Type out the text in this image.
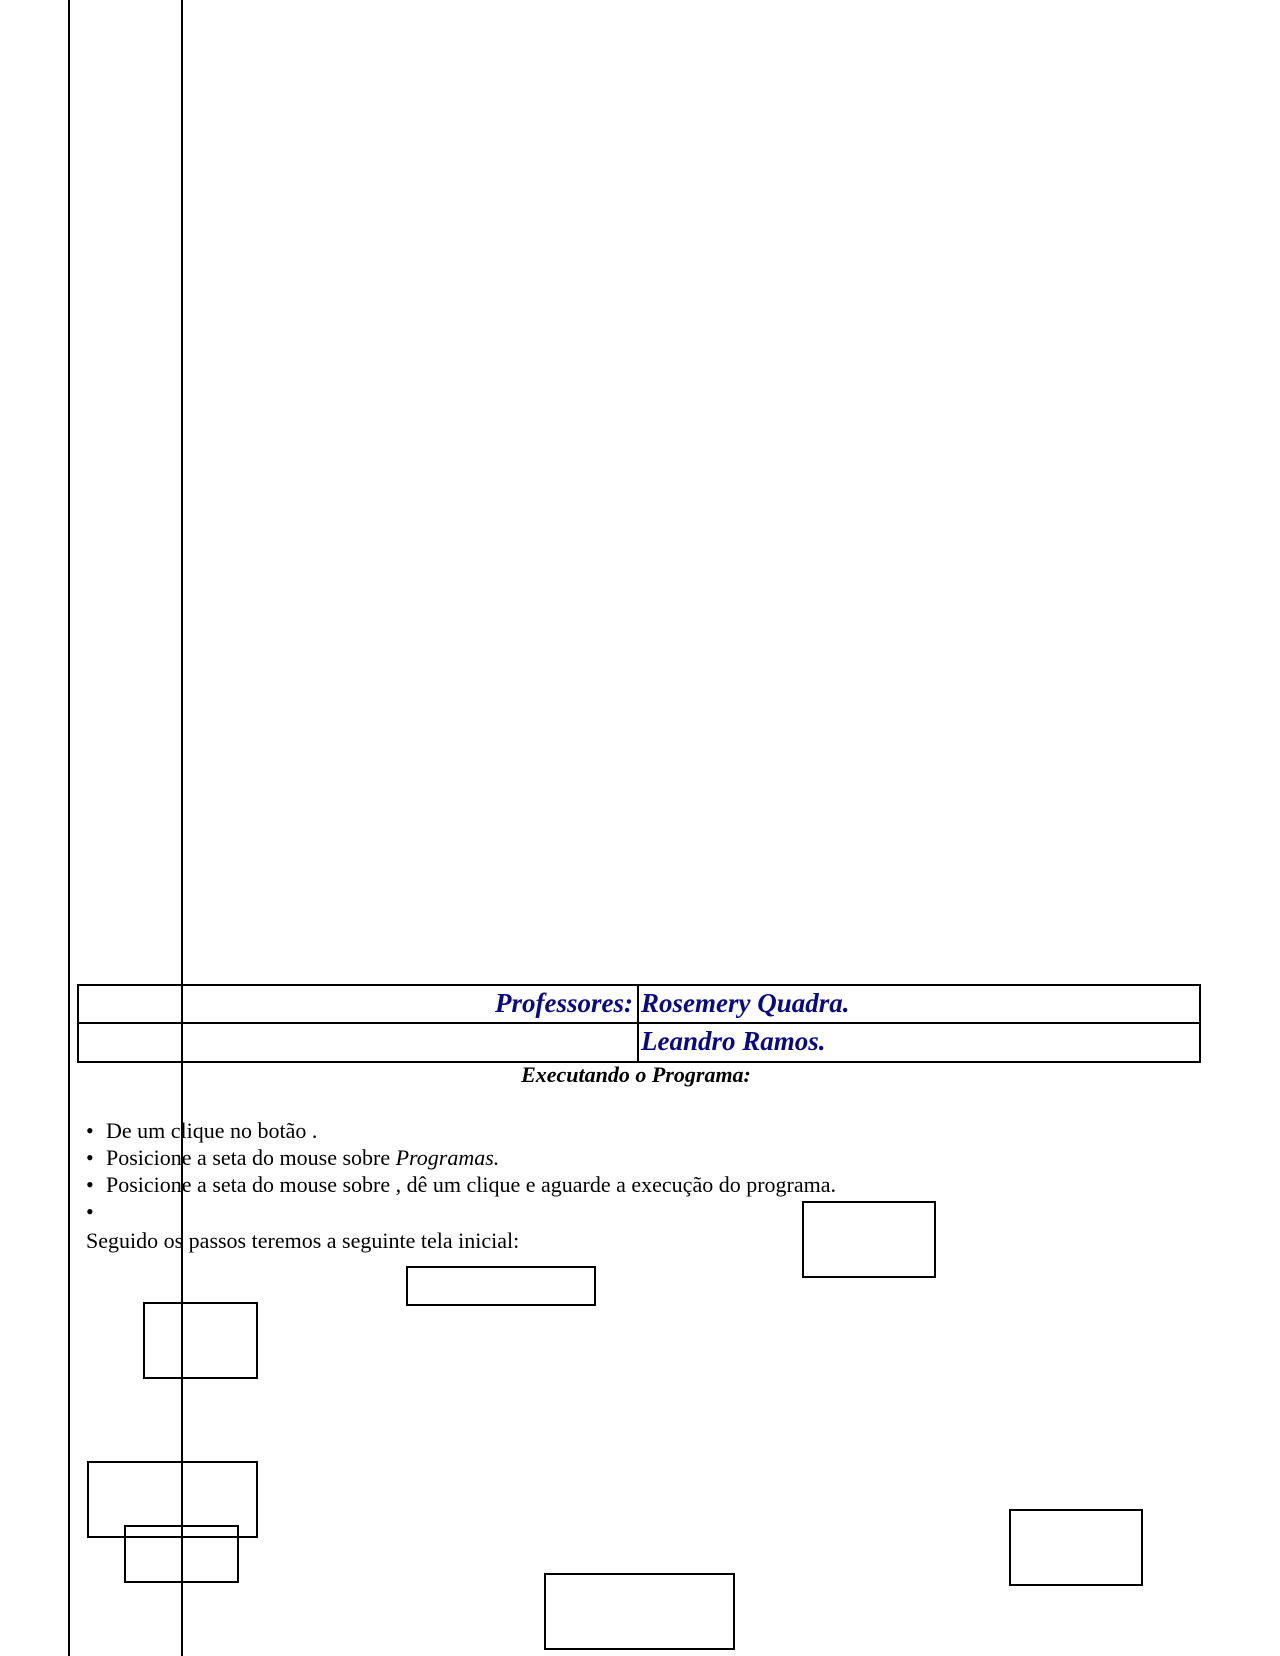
Professores: Rosemery Quadra.
Leandro Ramos.
Executando o Programa:
• De um clique no botão .
• Posicione a seta do mouse sobre Programas.
• Posicione a seta do mouse sobre , dê um clique e aguarde a execução do programa.
•
Seguido os passos teremos a seguinte tela inicial:
